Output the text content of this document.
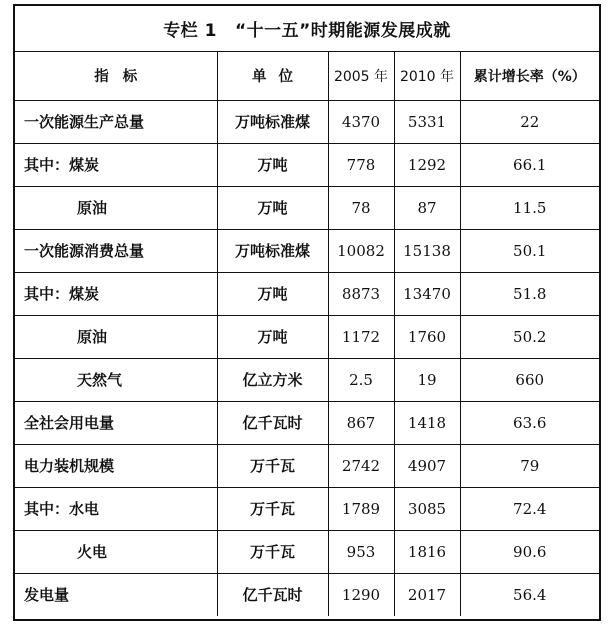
专栏 1 “十一五”时期能源发展成就
指标	单位	2005 年	2010 年	累计增长率（%）
一次能源生产总量	万吨标准煤	4370	5331	22
其中：煤炭	万吨	778	1292	66.1
原油	万吨	78	87	11.5
一次能源消费总量	万吨标准煤	10082	15138	50.1
其中：煤炭	万吨	8873	13470	51.8
原油	万吨	1172	1760	50.2
天然气	亿立方米	2.5	19	660
全社会用电量	亿千瓦时	867	1418	63.6
电力装机规模	万千瓦	2742	4907	79
其中：水电	万千瓦	1789	3085	72.4
火电	万千瓦	953	1816	90.6
发电量	亿千瓦时	1290	2017	56.4
